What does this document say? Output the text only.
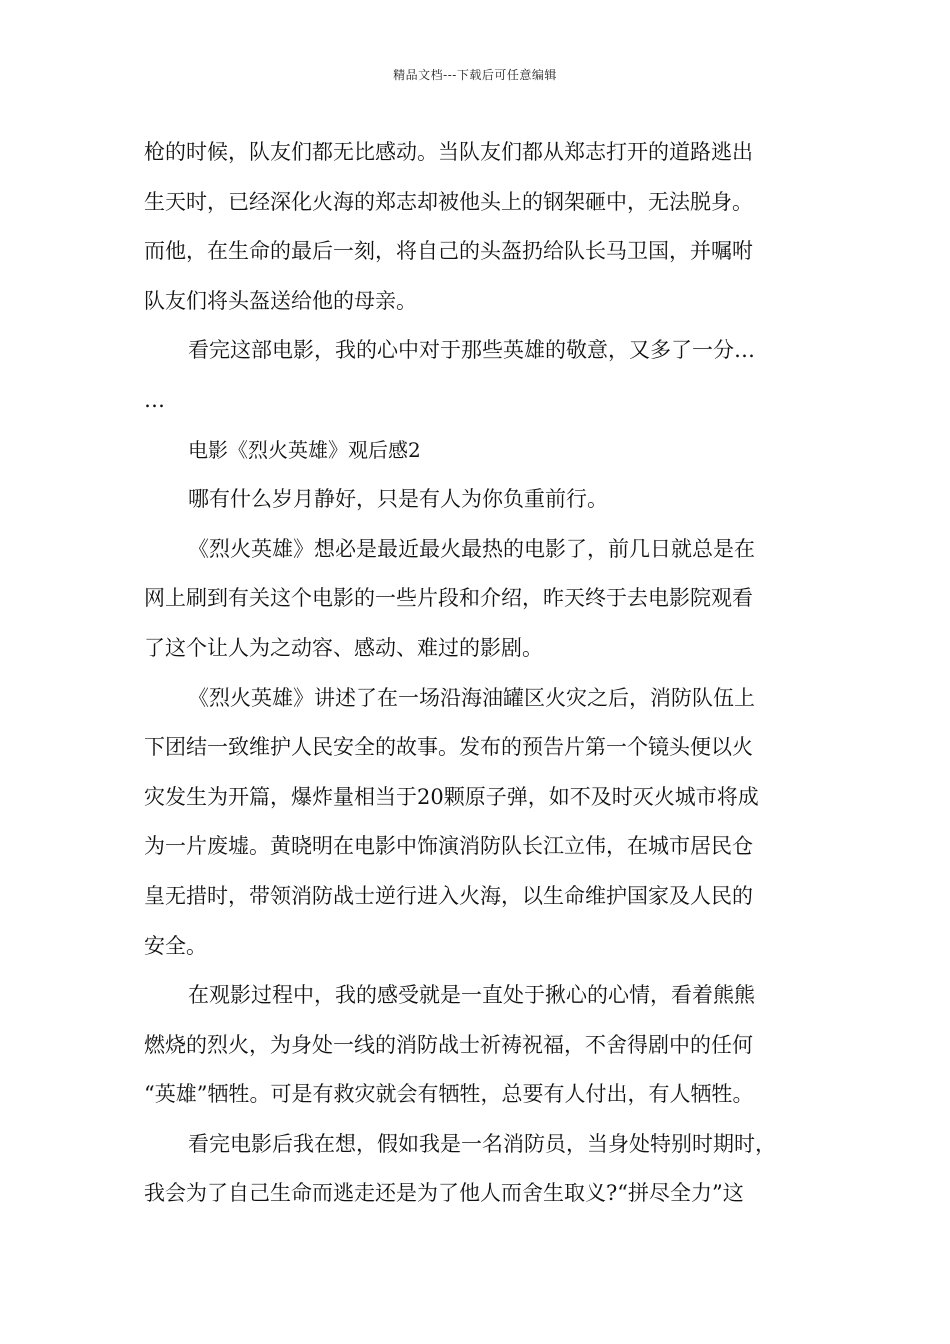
精品文档---下载后可任意编辑
枪的时候，队友们都无比感动。当队友们都从郑志打开的道路逃出
生天时，已经深化火海的郑志却被他头上的钢架砸中，无法脱身。
而他，在生命的最后一刻，将自己的头盔扔给队长马卫国，并嘱咐
队友们将头盔送给他的母亲。
看完这部电影，我的心中对于那些英雄的敬意，又多了一分…
…
电影《烈火英雄》观后感2
哪有什么岁月静好，只是有人为你负重前行。
《烈火英雄》想必是最近最火最热的电影了，前几日就总是在
网上刷到有关这个电影的一些片段和介绍，昨天终于去电影院观看
了这个让人为之动容、感动、难过的影剧。
《烈火英雄》讲述了在一场沿海油罐区火灾之后，消防队伍上
下团结一致维护人民安全的故事。发布的预告片第一个镜头便以火
灾发生为开篇，爆炸量相当于20颗原子弹，如不及时灭火城市将成
为一片废墟。黄晓明在电影中饰演消防队长江立伟，在城市居民仓
皇无措时，带领消防战士逆行进入火海，以生命维护国家及人民的
安全。
在观影过程中，我的感受就是一直处于揪心的心情，看着熊熊
燃烧的烈火，为身处一线的消防战士祈祷祝福，不舍得剧中的任何
“英雄”牺牲。可是有救灾就会有牺牲，总要有人付出，有人牺牲。
看完电影后我在想，假如我是一名消防员，当身处特别时期时，
我会为了自己生命而逃走还是为了他人而舍生取义?“拼尽全力”这
